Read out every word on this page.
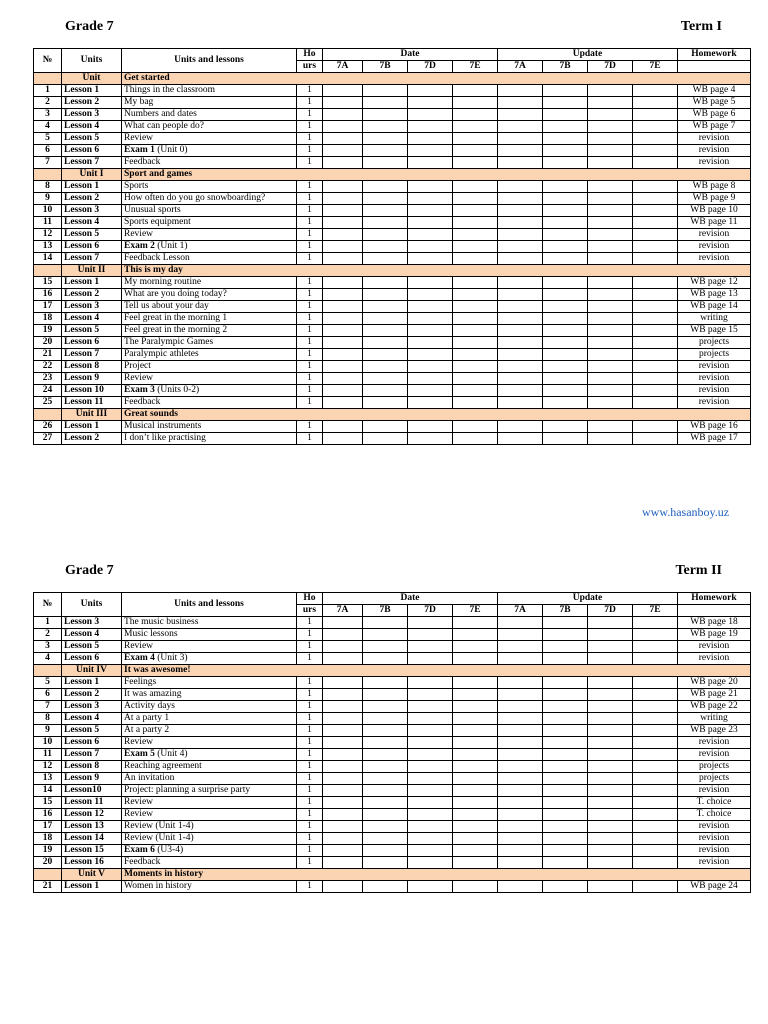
Grade 7	Term I
№	Units	Units and lessons	Ho	Date				Update				Homework
			urs	7A	7B	7D	7E	7A	7B	7D	7E	
	Unit	Get started										
1	Lesson 1	Things in the classroom	1									WB page 4
2	Lesson 2	My bag	1									WB page 5
3	Lesson 3	Numbers and dates	1									WB page 6
4	Lesson 4	What can people do?	1									WB page 7
5	Lesson 5	Review	1									revision
6	Lesson 6	Exam 1 (Unit 0)	1									revision
7	Lesson 7	Feedback	1									revision
	Unit I	Sport and games										
8	Lesson 1	Sports	1									WB page 8
9	Lesson 2	How often do you go snowboarding?	1									WB page 9
10	Lesson 3	Unusual sports	1									WB page 10
11	Lesson 4	Sports equipment	1									WB page 11
12	Lesson 5	Review	1									revision
13	Lesson 6	Exam 2 (Unit 1)	1									revision
14	Lesson 7	Feedback Lesson	1									revision
	Unit II	This is my day										
15	Lesson 1	My morning routine	1									WB page 12
16	Lesson 2	What are you doing today?	1									WB page 13
17	Lesson 3	Tell us about your day	1									WB page 14
18	Lesson 4	Feel great in the morning 1	1									writing
19	Lesson 5	Feel great in the morning 2	1									WB page 15
20	Lesson 6	The Paralympic Games	1									projects
21	Lesson 7	Paralympic athletes	1									projects
22	Lesson 8	Project	1									revision
23	Lesson 9	Review	1									revision
24	Lesson 10	Exam 3 (Units 0-2)	1									revision
25	Lesson 11	Feedback	1									revision
	Unit III	Great sounds										
26	Lesson 1	Musical instruments	1									WB page 16
27	Lesson 2	I don’t like practising	1									WB page 17
www.hasanboy.uz
Grade 7	Term II
№	Units	Units and lessons	Ho	Date				Update				Homework
			urs	7A	7B	7D	7E	7A	7B	7D	7E	
1	Lesson 3	The music business	1									WB page 18
2	Lesson 4	Music lessons	1									WB page 19
3	Lesson 5	Review	1									revision
4	Lesson 6	Exam 4 (Unit 3)	1									revision
	Unit IV	It was awesome!										
5	Lesson 1	Feelings	1									WB page 20
6	Lesson 2	It was amazing	1									WB page 21
7	Lesson 3	Activity days	1									WB page 22
8	Lesson 4	At a party 1	1									writing
9	Lesson 5	At a party 2	1									WB page 23
10	Lesson 6	Review	1									revision
11	Lesson 7	Exam 5 (Unit 4)	1									revision
12	Lesson 8	Reaching agreement	1									projects
13	Lesson 9	An invitation	1									projects
14	Lesson10	Project: planning a surprise party	1									revision
15	Lesson 11	Review	1									T. choice
16	Lesson 12	Review	1									T. choice
17	Lesson 13	Review (Unit 1-4)	1									revision
18	Lesson 14	Review (Unit 1-4)	1									revision
19	Lesson 15	Exam 6 (U3-4)	1									revision
20	Lesson 16	Feedback	1									revision
	Unit V	Moments in history										
21	Lesson 1	Women in history	1									WB page 24
